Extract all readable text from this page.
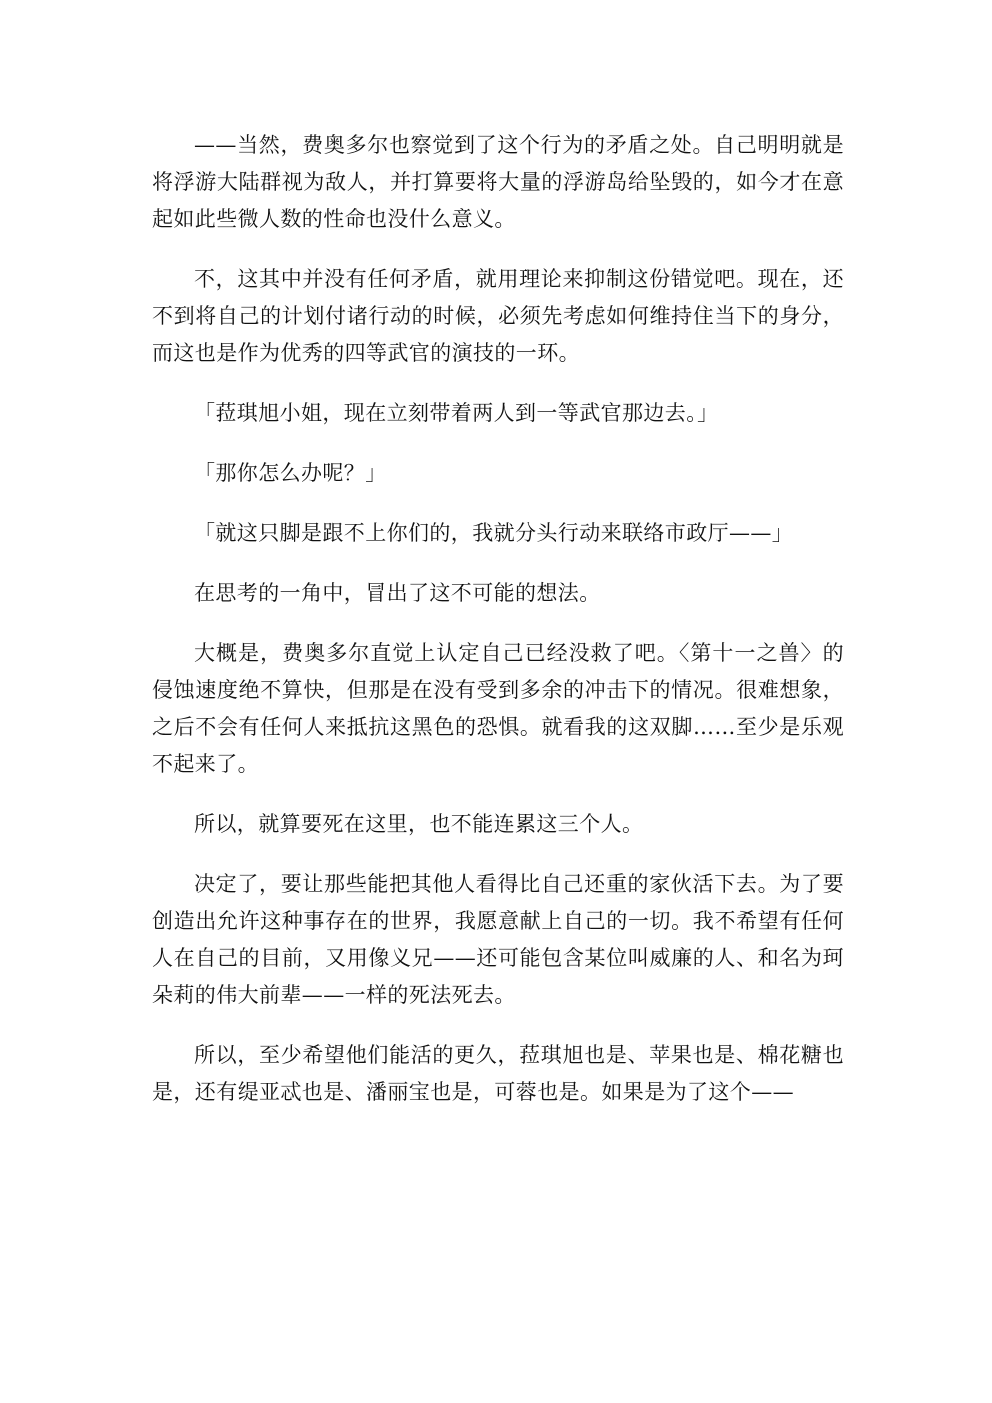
——当然，费奥多尔也察觉到了这个行为的矛盾之处。自己明明就是将浮游大陆群视为敌人，并打算要将大量的浮游岛给坠毁的，如今才在意起如此些微人数的性命也没什么意义。

不，这其中并没有任何矛盾，就用理论来抑制这份错觉吧。现在，还不到将自己的计划付诸行动的时候，必须先考虑如何维持住当下的身分，而这也是作为优秀的四等武官的演技的一环。

「菈琪旭小姐，现在立刻带着两人到一等武官那边去。」

「那你怎么办呢？」

「就这只脚是跟不上你们的，我就分头行动来联络市政厅——」

在思考的一角中，冒出了这不可能的想法。

大概是，费奥多尔直觉上认定自己已经没救了吧。〈第十一之兽〉的侵蚀速度绝不算快，但那是在没有受到多余的冲击下的情况。很难想象，之后不会有任何人来抵抗这黑色的恐惧。就看我的这双脚……至少是乐观不起来了。

所以，就算要死在这里，也不能连累这三个人。

决定了，要让那些能把其他人看得比自己还重的家伙活下去。为了要创造出允许这种事存在的世界，我愿意献上自己的一切。我不希望有任何人在自己的目前，又用像义兄——还可能包含某位叫威廉的人、和名为珂朵莉的伟大前辈——一样的死法死去。

所以，至少希望他们能活的更久，菈琪旭也是、苹果也是、棉花糖也是，还有缇亚忒也是、潘丽宝也是，可蓉也是。如果是为了这个——
